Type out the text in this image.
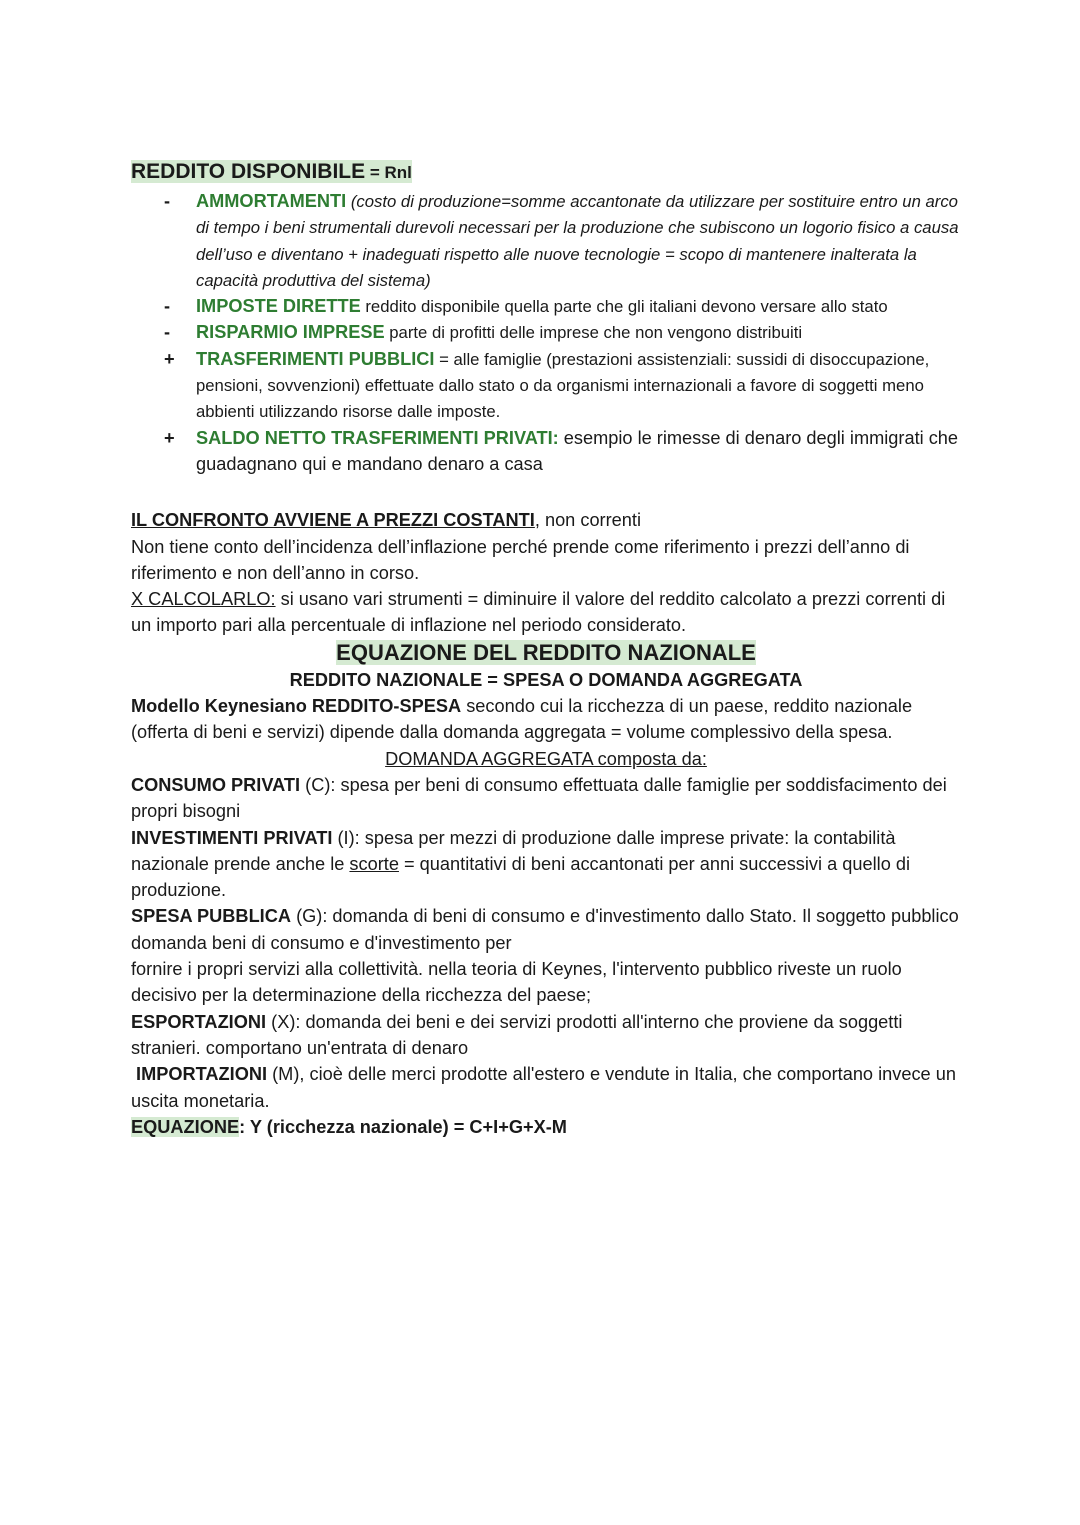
REDDITO DISPONIBILE = Rnl
-	AMMORTAMENTI (costo di produzione=somme accantonate da utilizzare per sostituire entro un arco di tempo i beni strumentali durevoli necessari per la produzione che subiscono un logorio fisico a causa dell’uso e diventano + inadeguati rispetto alle nuove tecnologie = scopo di mantenere inalterata la capacità produttiva del sistema)
-	IMPOSTE DIRETTE reddito disponibile quella parte che gli italiani devono versare allo stato
-	RISPARMIO IMPRESE parte di profitti delle imprese che non vengono distribuiti
+ TRASFERIMENTI PUBBLICI = alle famiglie (prestazioni assistenziali: sussidi di disoccupazione, pensioni, sovvenzioni) effettuate dallo stato o da organismi internazionali a favore di soggetti meno abbienti utilizzando risorse dalle imposte.
+ SALDO NETTO TRASFERIMENTI PRIVATI: esempio le rimesse di denaro degli immigrati che guadagnano qui e mandano denaro a casa

IL CONFRONTO AVVIENE A PREZZI COSTANTI, non correnti

Non tiene conto dell’incidenza dell’inflazione perché prende come riferimento i prezzi dell’anno di riferimento e non dell’anno in corso.

X CALCOLARLO: si usano vari strumenti = diminuire il valore del reddito calcolato a prezzi correnti di un importo pari alla percentuale di inflazione nel periodo considerato.

EQUAZIONE DEL REDDITO NAZIONALE

REDDITO NAZIONALE = SPESA O DOMANDA AGGREGATA

Modello Keynesiano REDDITO-SPESA secondo cui la ricchezza di un paese, reddito nazionale (offerta di beni e servizi) dipende dalla domanda aggregata = volume complessivo della spesa.

DOMANDA AGGREGATA composta da:

CONSUMO PRIVATI (C): spesa per beni di consumo effettuata dalle famiglie per soddisfacimento dei propri bisogni

INVESTIMENTI PRIVATI (I): spesa per mezzi di produzione dalle imprese private: la contabilità nazionale prende anche le scorte = quantitativi di beni accantonati per anni successivi a quello di produzione.

SPESA PUBBLICA (G): domanda di beni di consumo e d'investimento dallo Stato. Il soggetto pubblico domanda beni di consumo e d'investimento per

fornire i propri servizi alla collettività. nella teoria di Keynes, l'intervento pubblico riveste un ruolo decisivo per la determinazione della ricchezza del paese;

ESPORTAZIONI (X): domanda dei beni e dei servizi prodotti all'interno che proviene da soggetti stranieri. comportano un'entrata di denaro

IMPORTAZIONI (M), cioè delle merci prodotte all'estero e vendute in Italia, che comportano invece un uscita monetaria.

EQUAZIONE: Y (ricchezza nazionale) = C+I+G+X-M
